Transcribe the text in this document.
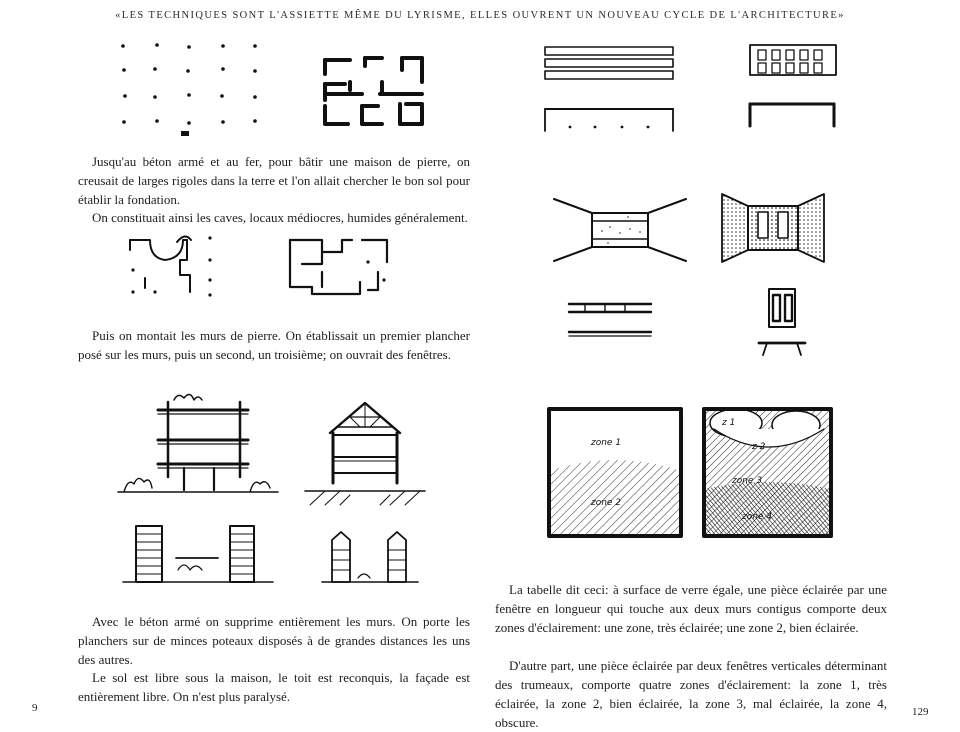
«LES TECHNIQUES SONT L'ASSIETTE MÊME DU LYRISME, ELLES OUVRENT UN NOUVEAU CYCLE DE L'ARCHITECTURE»

Jusqu'au béton armé et au fer, pour bâtir une maison de pierre, on creusait de larges rigoles dans la terre et l'on allait chercher le bon sol pour établir la fondation.

On constituait ainsi les caves, locaux médiocres, humides généralement.

Puis on montait les murs de pierre. On établissait un premier plancher posé sur les murs, puis un second, un troisième; on ouvrait des fenêtres.

Avec le béton armé on supprime entièrement les murs. On porte les planchers sur de minces poteaux disposés à de grandes distances les uns des autres.

Le sol est libre sous la maison, le toit est reconquis, la façade est entièrement libre. On n'est plus paralysé.

zone 1
zone 2
z 1
z 2
zone 3
zone 4

La tabelle dit ceci: à surface de verre égale, une pièce éclairée par une fenêtre en longueur qui touche aux deux murs contigus comporte deux zones d'éclairement: une zone, très éclairée; une zone 2, bien éclairée.

D'autre part, une pièce éclairée par deux fenêtres verticales déterminant des trumeaux, comporte quatre zones d'éclairement: la zone 1, très éclairée, la zone 2, bien éclairée, la zone 3, mal éclairée, la zone 4, obscure.

9	129
